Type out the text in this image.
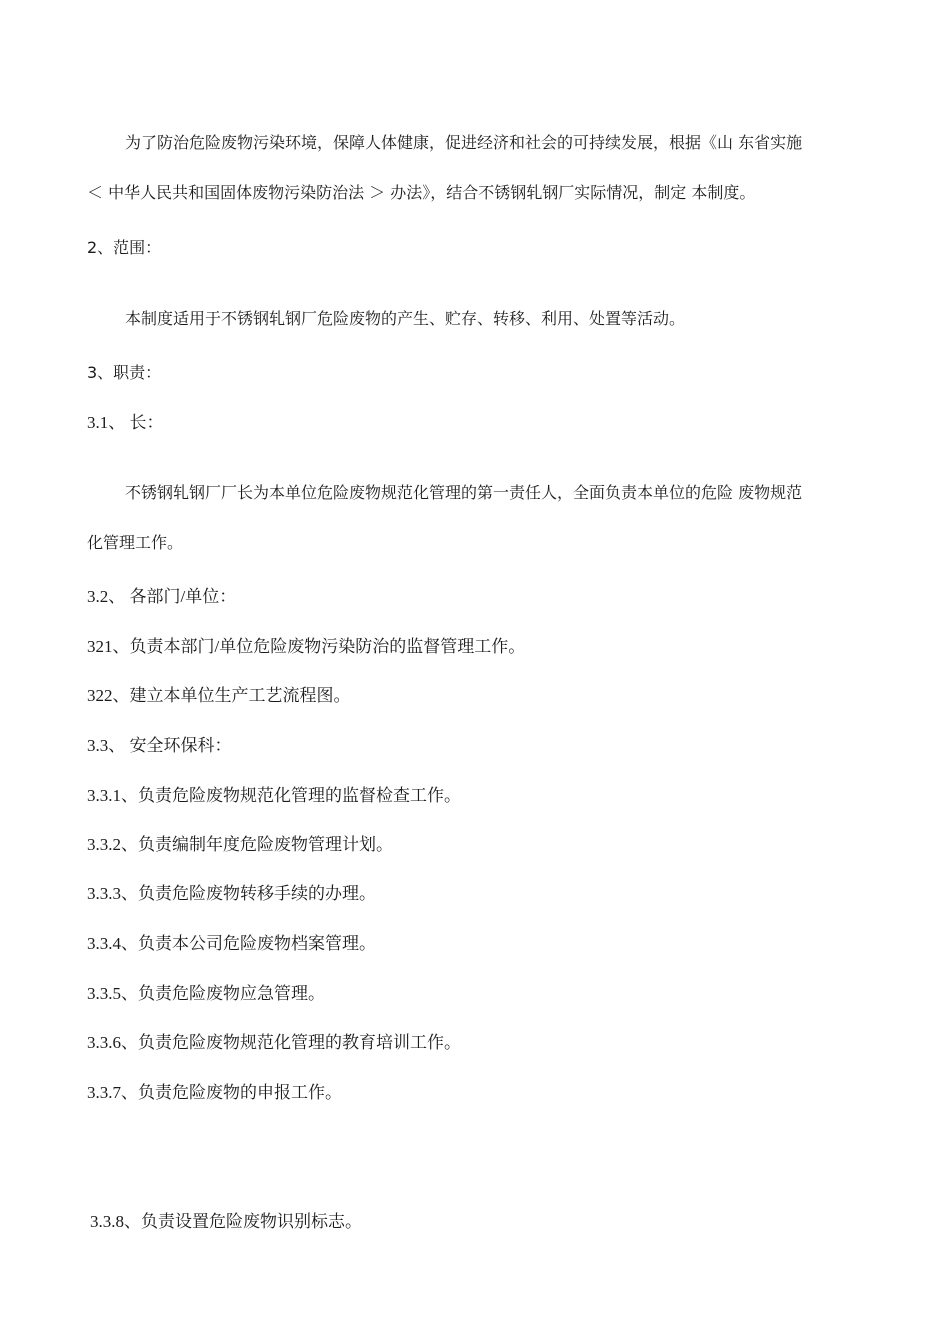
为了防治危险废物污染环境，保障人体健康，促进经济和社会的可持续发展，根据《山 东省实施
＜ 中华人民共和国固体废物污染防治法 ＞ 办法》，结合不锈钢轧钢厂实际情况，制定 本制度。
2、范围：
本制度适用于不锈钢轧钢厂危险废物的产生、贮存、转移、利用、处置等活动。
3、职责：
3.1、 长：
不锈钢轧钢厂厂长为本单位危险废物规范化管理的第一责任人，全面负责本单位的危险 废物规范
化管理工作。
3.2、 各部门/单位：
321、负责本部门/单位危险废物污染防治的监督管理工作。
322、建立本单位生产工艺流程图。
3.3、 安全环保科：
3.3.1、负责危险废物规范化管理的监督检查工作。
3.3.2、负责编制年度危险废物管理计划。
3.3.3、负责危险废物转移手续的办理。
3.3.4、负责本公司危险废物档案管理。
3.3.5、负责危险废物应急管理。
3.3.6、负责危险废物规范化管理的教育培训工作。
3.3.7、负责危险废物的申报工作。
3.3.8、负责设置危险废物识别标志。
